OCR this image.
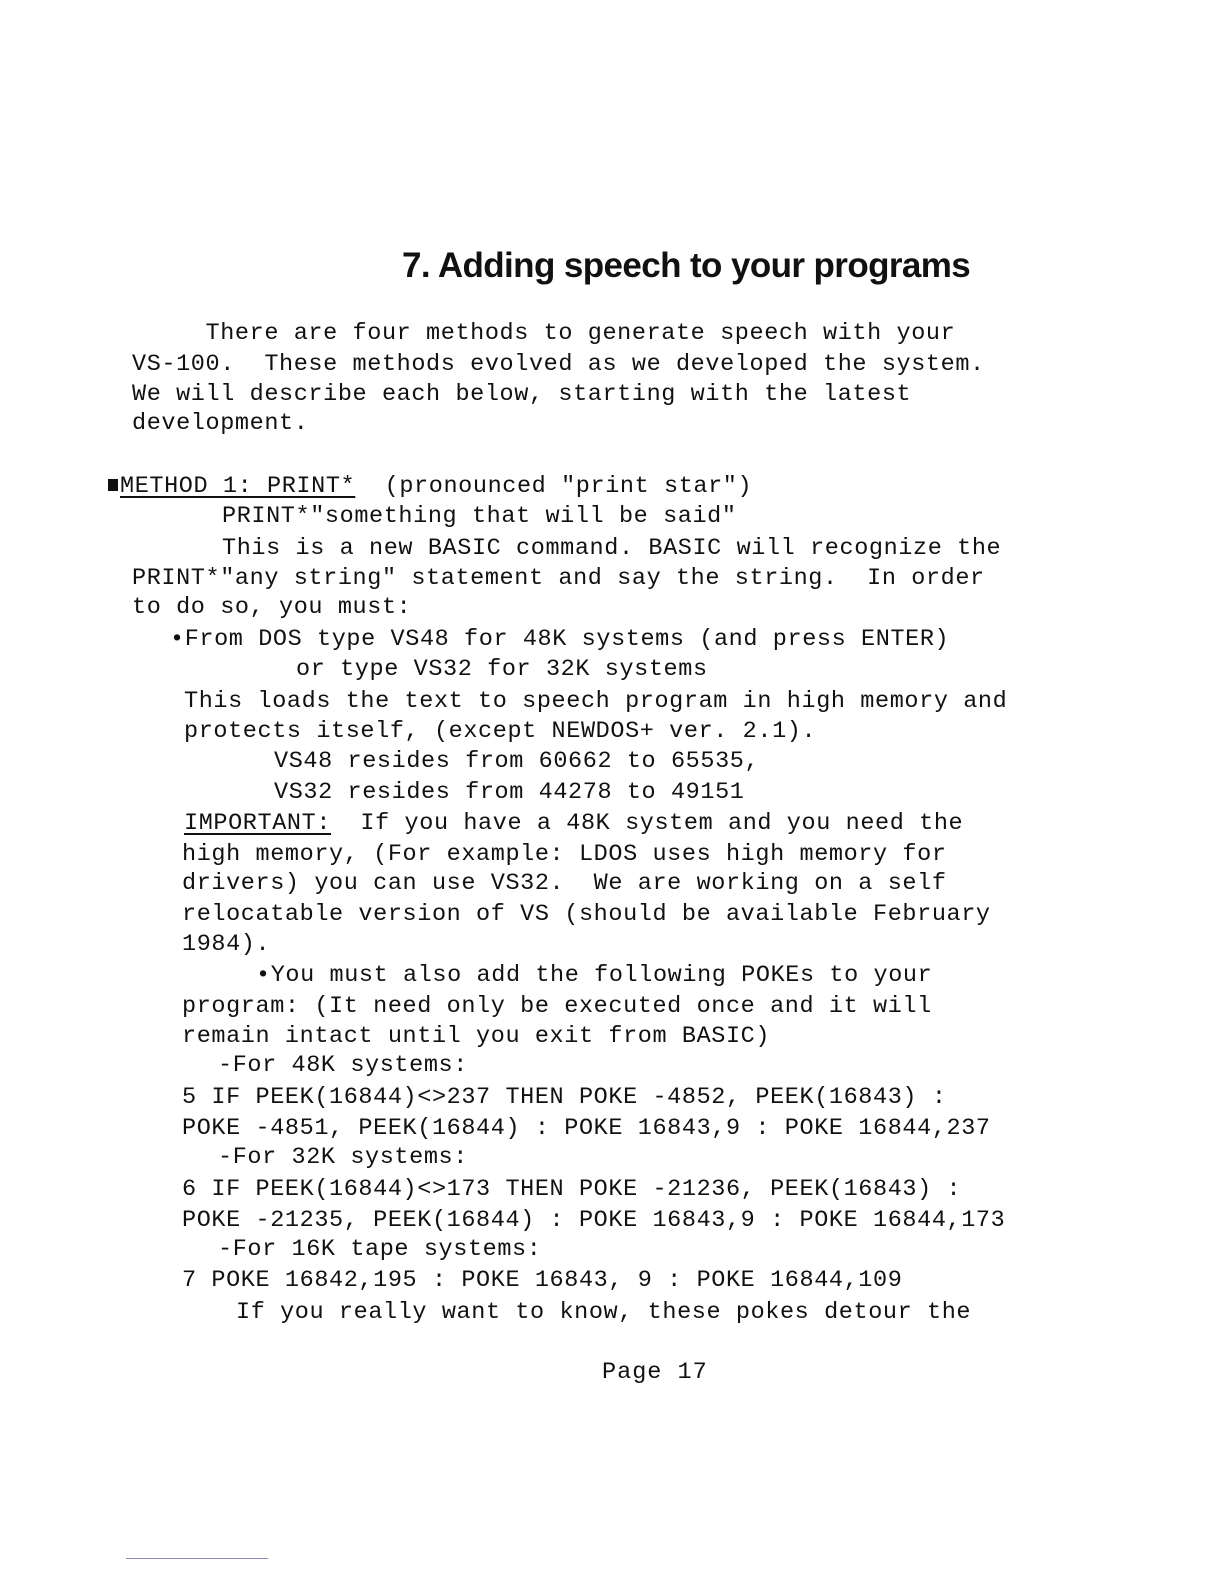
7. Adding speech to your programs

There are four methods to generate speech with your

VS-100.  These methods evolved as we developed the system.

We will describe each below, starting with the latest

development.

METHOD 1: PRINT*  (pronounced "print star")

PRINT*"something that will be said"

This is a new BASIC command. BASIC will recognize the

PRINT*"any string" statement and say the string.  In order

to do so, you must:

•From DOS type VS48 for 48K systems (and press ENTER)

or type VS32 for 32K systems

This loads the text to speech program in high memory and

protects itself, (except NEWDOS+ ver. 2.1).

VS48 resides from 60662 to 65535,

VS32 resides from 44278 to 49151

IMPORTANT:  If you have a 48K system and you need the

high memory, (For example: LDOS uses high memory for

drivers) you can use VS32.  We are working on a self

relocatable version of VS (should be available February

1984).

•You must also add the following POKEs to your

program: (It need only be executed once and it will

remain intact until you exit from BASIC)

-For 48K systems:

5 IF PEEK(16844)<>237 THEN POKE -4852, PEEK(16843) :

POKE -4851, PEEK(16844) : POKE 16843,9 : POKE 16844,237

-For 32K systems:

6 IF PEEK(16844)<>173 THEN POKE -21236, PEEK(16843) :

POKE -21235, PEEK(16844) : POKE 16843,9 : POKE 16844,173

-For 16K tape systems:

7 POKE 16842,195 : POKE 16843, 9 : POKE 16844,109

If you really want to know, these pokes detour the

Page 17
